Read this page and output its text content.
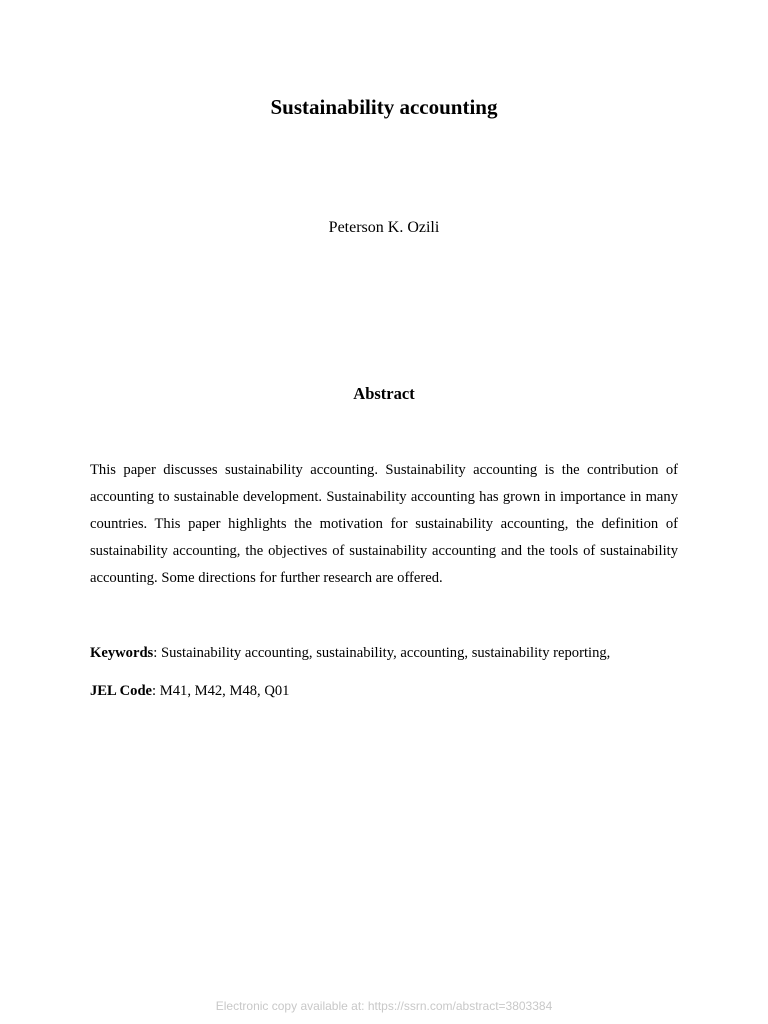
Sustainability accounting
Peterson K. Ozili
Abstract
This paper discusses sustainability accounting. Sustainability accounting is the contribution of accounting to sustainable development. Sustainability accounting has grown in importance in many countries. This paper highlights the motivation for sustainability accounting, the definition of sustainability accounting, the objectives of sustainability accounting and the tools of sustainability accounting. Some directions for further research are offered.
Keywords: Sustainability accounting, sustainability, accounting, sustainability reporting,
JEL Code: M41, M42, M48, Q01
Electronic copy available at: https://ssrn.com/abstract=3803384
